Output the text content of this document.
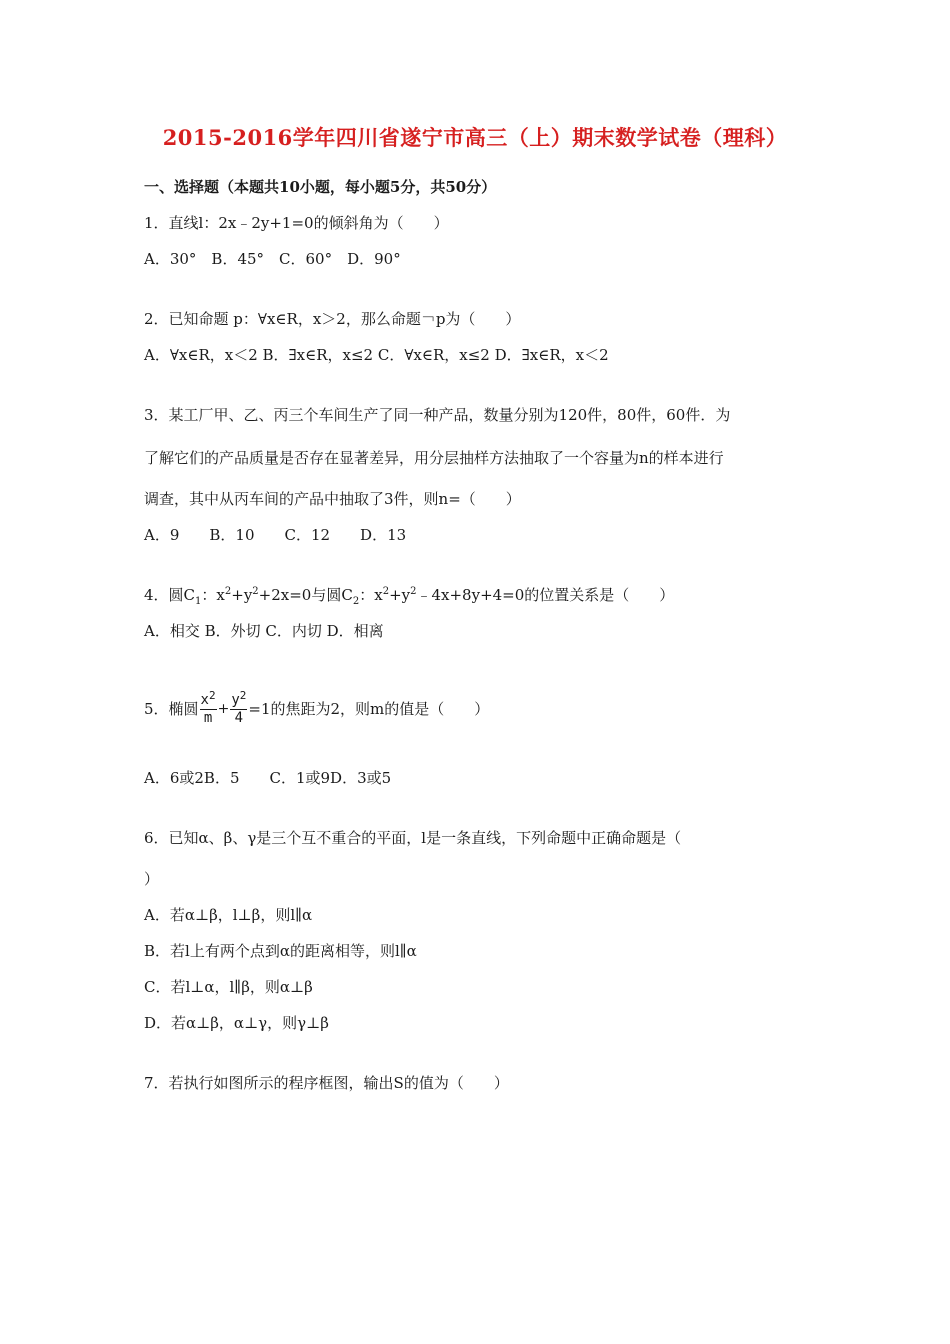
2015-2016学年四川省遂宁市高三（上）期末数学试卷（理科）
一、选择题（本题共10小题，每小题5分，共50分）
1．直线l：2x﹣2y+1=0的倾斜角为（　　）
A．30°　B．45°　C．60°　D．90°
2．已知命题 p：∀x∈R，x＞2，那么命题￢p为（　　）
A．∀x∈R，x＜2 B．∃x∈R，x≤2 C．∀x∈R，x≤2 D．∃x∈R，x＜2
3．某工厂甲、乙、丙三个车间生产了同一种产品，数量分别为120件，80件，60件．为
了解它们的产品质量是否存在显著差异，用分层抽样方法抽取了一个容量为n的样本进行
调查，其中从丙车间的产品中抽取了3件，则n=（　　）
A．9　　B．10　　C．12　　D．13
4．圆$C_1$：$x^2+y^2+2x=0$与圆$C_2$：$x^2+y^2﹣4x+8y+4=0$的位置关系是（　　）
A．相交 B．外切 C．内切 D．相离
5．椭圆 $\frac{x^2}{m} + \frac{y^2}{4} =1$的焦距为2，则m的值是（　　）
A．6或2B．5　　C．1或9D．3或5
6．已知α、β、γ是三个互不重合的平面，l是一条直线，下列命题中正确命题是（
）
A．若α⊥β，l⊥β，则l∥α
B．若l上有两个点到α的距离相等，则l∥α
C．若l⊥α，l∥β，则α⊥β
D．若α⊥β，α⊥γ，则γ⊥β
7．若执行如图所示的程序框图，输出S的值为（　　）
